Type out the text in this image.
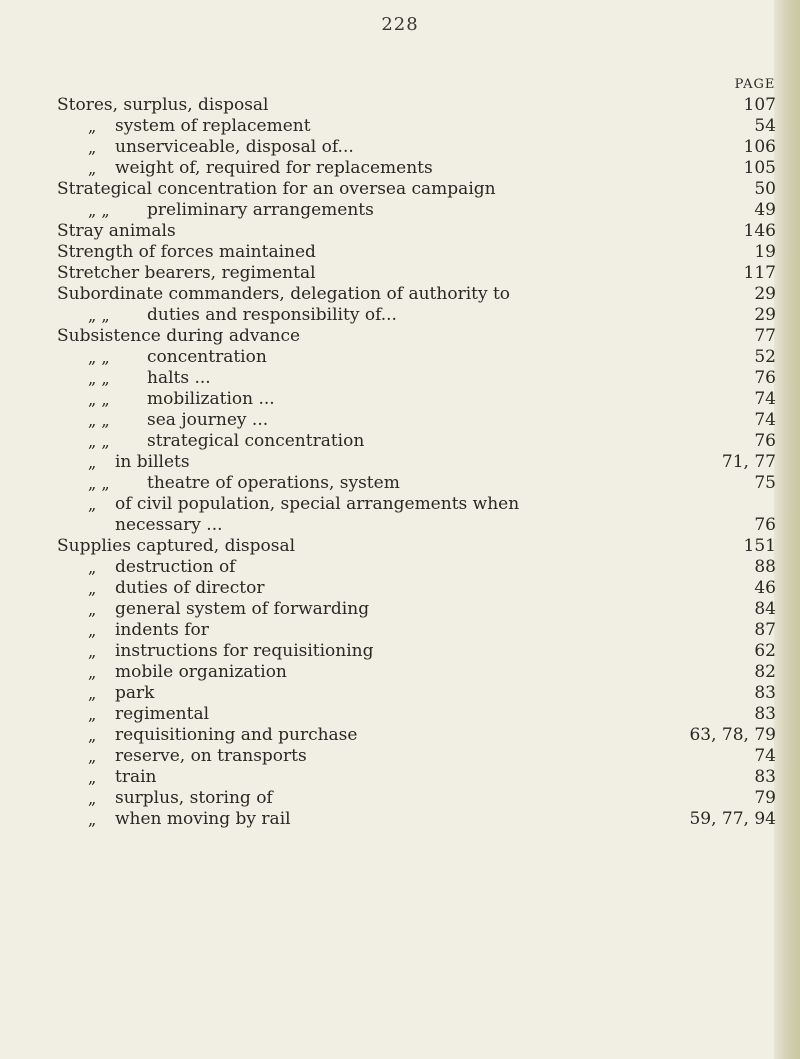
228
PAGE
Stores, surplus, disposal	107
„ system of replacement	54
„ unserviceable, disposal of...	106
„ weight of, required for replacements	105
Strategical concentration for an oversea campaign	50
„ „ preliminary arrangements	49
Stray animals	146
Strength of forces maintained	19
Stretcher bearers, regimental	117
Subordinate commanders, delegation of authority to	29
„ „ duties and responsibility of...	29
Subsistence during advance	77
„ „ concentration	52
„ „ halts ...	76
„ „ mobilization ...	74
„ „ sea journey ...	74
„ „ strategical concentration	76
„ in billets	71, 77
„ „ theatre of operations, system	75
„ of civil population, special arrangements when
necessary ...	76
Supplies captured, disposal	151
„ destruction of	88
„ duties of director	46
„ general system of forwarding	84
„ indents for	87
„ instructions for requisitioning	62
„ mobile organization	82
„ park	83
„ regimental	83
„ requisitioning and purchase	63, 78, 79
„ reserve, on transports	74
„ train	83
„ surplus, storing of	79
„ when moving by rail	59, 77, 94
